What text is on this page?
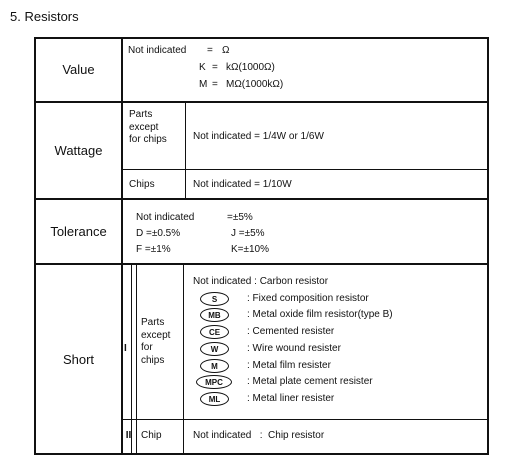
5. Resistors
Value
Not indicated = Ω
K = kΩ(1000Ω)
M = MΩ(1000kΩ)
Wattage
Parts
except
for chips	Not indicated = 1/4W or 1/6W
Chips	Not indicated = 1/10W
Tolerance
Not indicated	=±5%
D =±0.5%	J =±5%
F =±1%	K=±10%
Short
I
Parts
except
for
chips
Not indicated : Carbon resistor
S	: Fixed composition resistor
MB	: Metal oxide film resistor(type B)
CE	: Cemented resister
W	: Wire wound resister
M	: Metal film resister
MPC	: Metal plate cement resister
ML	: Metal liner resister
II Chip	Not indicated   :  Chip resistor
